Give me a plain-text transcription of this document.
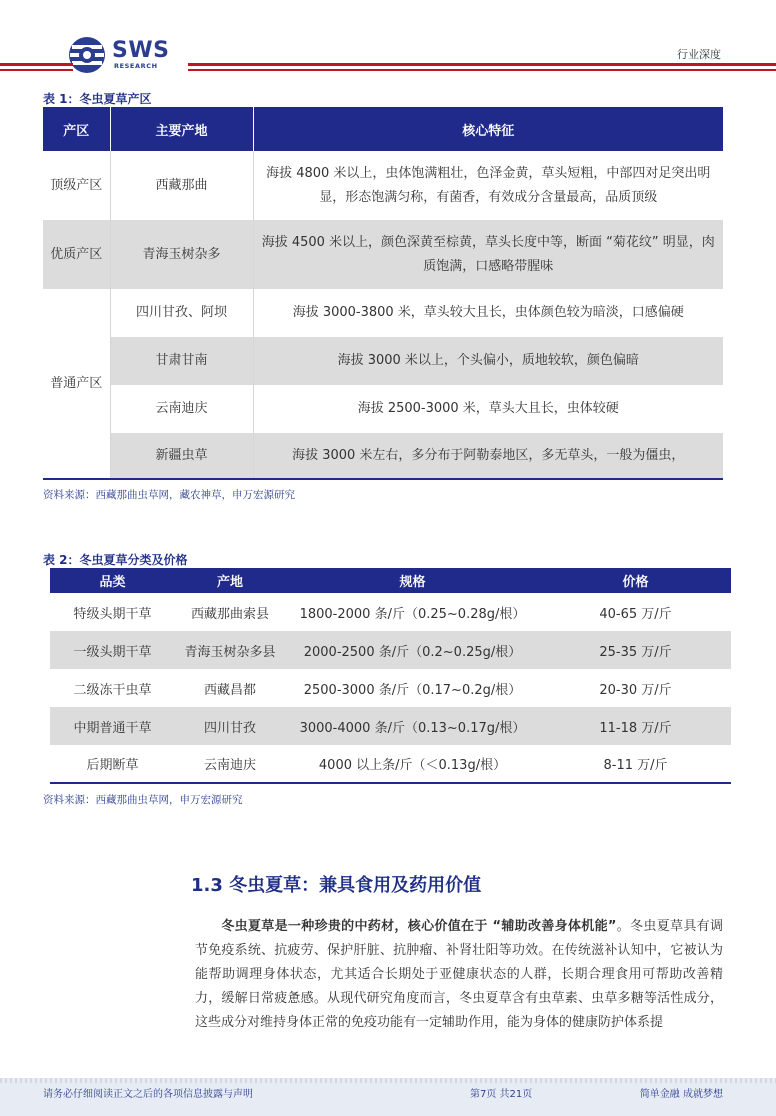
SWS
RESEARCH
行业深度
表 1：冬虫夏草产区
产区	主要产地	核心特征
顶级产区	西藏那曲	海拔 4800 米以上，虫体饱满粗壮，色泽金黄，草头短粗，中部四对足突出明显，形态饱满匀称，有菌香，有效成分含量最高，品质顶级
优质产区	青海玉树杂多	海拔 4500 米以上，颜色深黄至棕黄，草头长度中等，断面 “菊花纹” 明显，肉质饱满，口感略带腥味
普通产区	四川甘孜、阿坝	海拔 3000-3800 米，草头较大且长，虫体颜色较为暗淡，口感偏硬
	甘肃甘南	海拔 3000 米以上，个头偏小，质地较软，颜色偏暗
	云南迪庆	海拔 2500-3000 米，草头大且长，虫体较硬
	新疆虫草	海拔 3000 米左右，多分布于阿勒泰地区，多无草头，一般为僵虫，
资料来源：西藏那曲虫草网，藏农神草，申万宏源研究
表 2：冬虫夏草分类及价格
品类	产地	规格	价格
特级头期干草	西藏那曲索县	1800-2000 条/斤（0.25~0.28g/根）	40-65 万/斤
一级头期干草	青海玉树杂多县	2000-2500 条/斤（0.2~0.25g/根）	25-35 万/斤
二级冻干虫草	西藏昌都	2500-3000 条/斤（0.17~0.2g/根）	20-30 万/斤
中期普通干草	四川甘孜	3000-4000 条/斤（0.13~0.17g/根）	11-18 万/斤
后期断草	云南迪庆	4000 以上条/斤（＜0.13g/根）	8-11 万/斤
资料来源：西藏那曲虫草网，申万宏源研究
1.3 冬虫夏草：兼具食用及药用价值
冬虫夏草是一种珍贵的中药材，核心价值在于 “辅助改善身体机能”。冬虫夏草具有调节免疫系统、抗疲劳、保护肝脏、抗肿瘤、补肾壮阳等功效。在传统滋补认知中，它被认为能帮助调理身体状态，尤其适合长期处于亚健康状态的人群，长期合理食用可帮助改善精力，缓解日常疲惫感。从现代研究角度而言，冬虫夏草含有虫草素、虫草多糖等活性成分，这些成分对维持身体正常的免疫功能有一定辅助作用，能为身体的健康防护体系提
请务必仔细阅读正文之后的各项信息披露与声明	第7页 共21页	简单金融 成就梦想
